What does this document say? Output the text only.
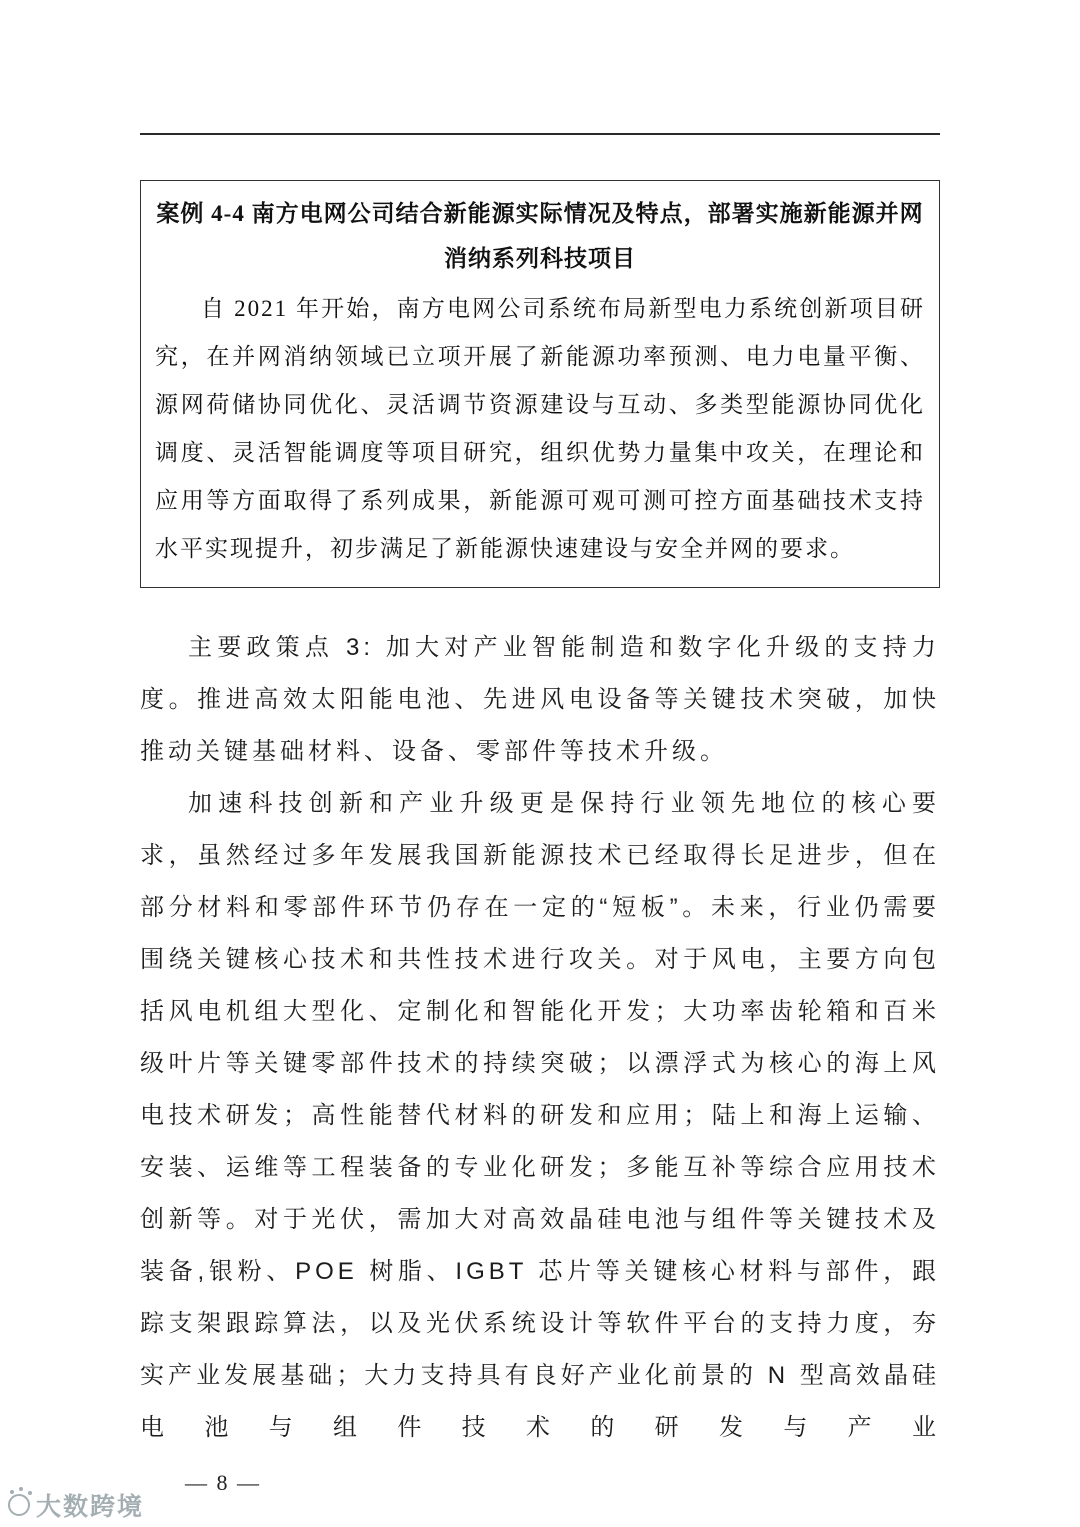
案例 4-4 南方电网公司结合新能源实际情况及特点，部署实施新能源并网消纳系列科技项目

自 2021 年开始，南方电网公司系统布局新型电力系统创新项目研究，在并网消纳领域已立项开展了新能源功率预测、电力电量平衡、源网荷储协同优化、灵活调节资源建设与互动、多类型能源协同优化调度、灵活智能调度等项目研究，组织优势力量集中攻关，在理论和应用等方面取得了系列成果，新能源可观可测可控方面基础技术支持水平实现提升，初步满足了新能源快速建设与安全并网的要求。

主要政策点 3: 加大对产业智能制造和数字化升级的支持力度。推进高效太阳能电池、先进风电设备等关键技术突破，加快推动关键基础材料、设备、零部件等技术升级。

加速科技创新和产业升级更是保持行业领先地位的核心要求，虽然经过多年发展我国新能源技术已经取得长足进步，但在部分材料和零部件环节仍存在一定的“短板”。未来，行业仍需要围绕关键核心技术和共性技术进行攻关。对于风电，主要方向包括风电机组大型化、定制化和智能化开发；大功率齿轮箱和百米级叶片等关键零部件技术的持续突破；以漂浮式为核心的海上风电技术研发；高性能替代材料的研发和应用；陆上和海上运输、安装、运维等工程装备的专业化研发；多能互补等综合应用技术创新等。对于光伏，需加大对高效晶硅电池与组件等关键技术及装备,银粉、POE 树脂、IGBT 芯片等关键核心材料与部件，跟踪支架跟踪算法，以及光伏系统设计等软件平台的支持力度，夯实产业发展基础；大力支持具有良好产业化前景的 N 型高效晶硅电池与组件技术的研发与产业

— 8 —
大数跨境
